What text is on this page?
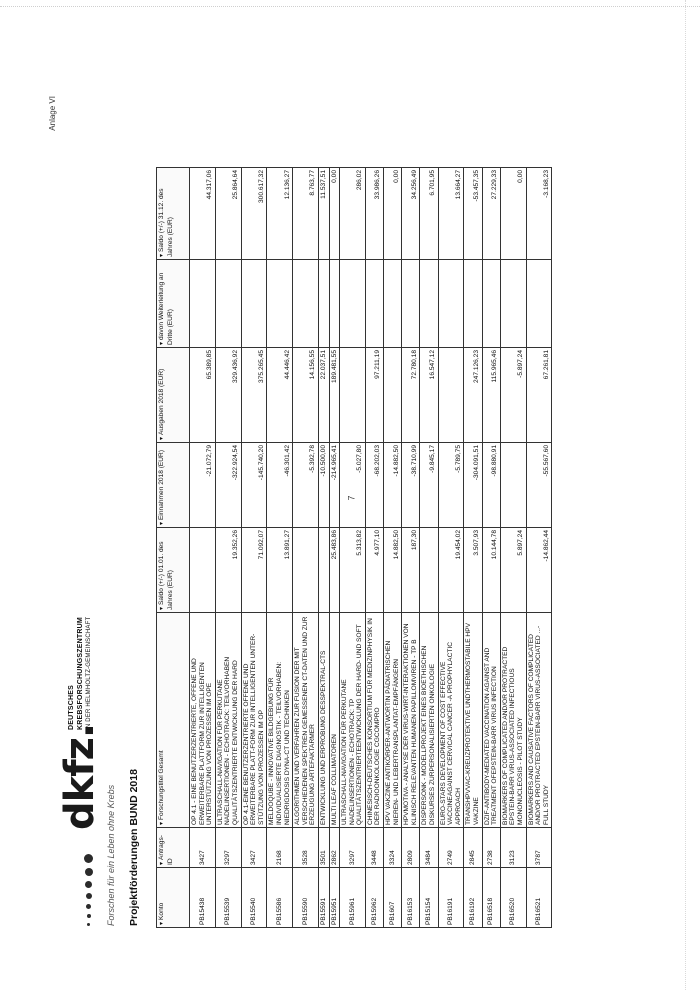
7
Anlage VI
dkfz.
DEUTSCHES KREBSFORSCHUNGSZENTRUM IN DER HELMHOLTZ-GEMEINSCHAFT
Forschen für ein Leben ohne Krebs Projektförderungen BUND 2018	▾Konto	▾Antrags-ID	▾Forschungstitel Gesamt	▾Saldo (+/-) 01.01. des Jahres (EUR)	▾Einnahmen 2018 (EUR)	▾Ausgaben 2018 (EUR)	▾davon Weiterleitung an Dritte (EUR)	▾Saldo (+/-) 31.12. des Jahres (EUR)
PB15438	3427	OP 4.1 - EINE BENUTZERZENTRIERTE, OFFENE UND ERWEITERBARE PLATTFORM ZUR INTELLIGENTEN UNTERSTÜTZUNG VON PROZESSEN IM OPE		-21.072,79	65.389,85		44.317,06
PB15539	3297	ULTRASCHALL-NAVIGATION FÜR PERKUTANE NADELINSERTIONEN - ECHOTRACK: TEILVORHABEN QUALITÄTSZENTRIERTE ENTWICKLUNG DER HARD	19.352,26	-322.924,54	329.436,92		25.864,64
PB15540	3427	OP 4.1-EINE BENUTZERZENTRIERTE OFFENE UND ERWEITERBARE PLATT-FORM ZUR INTELLIGENTEN UNTER-STÜTZUNG VON PROZESSEN IM OP	71.092,07	-145.740,20	375.265,45		300.617,32
PB15586	2168	MELDOQUBE - INNOVATIVE BILDGEBUNG FÜR INDIVIDUALISIERTE DIAGNOSTIK - TEILVORHABEN: NIEDRIGDOSIS DYNA-CT UND TECHNIKEN	13.891,27	-46.301,42	44.446,42		12.136,27
PB15590	3528	ALGORITHMEN UND VERFAHREN ZUR FUSION DER MIT VERSCHIEDENEN SPEKTREN GEMESSENEN CT-DATEN UND ZUR ERZEUGUNG ARTEFAKTARMER		-5.392,78	14.156,55		8.763,77
PB15591	3501	ENTWICKLUNG UND ERPROBUNG DESSPEKTRAL-CTS		-10.500,00	22.037,51		11.537,51
PB15951	2862	MULTI LEAF COLLIMATOREN	25.483,86	-214.965,41	189.481,55		0,00
PB15961	3297	ULTRASCHALL-NAVIGATION FÜR PERKUTANE NADELINSERTIONEN - ECHOTRACK: TP QUALITÄTSZENTRIERTEENTWICKLUNG DER HARD- UND SOFT	5.313,82	-5.027,80			286,02
PB15962	3448	CHINESISCH-DEUTSCHES KONSORTIUM FÜR MEDIZINPHYSIK IN DER RADIOONKOLOGIE CGCOMPRO	4.977,10	-68.202,03	97.211,19		33.986,26
PB1607	3324	HPV VAKZINE ANTIKÖRPER-ANTWORTIN PÄDIATRISCHEN NIEREN- UND LEBERTRANSPLANTAT-EMPFÄNGERN	14.882,50	-14.882,50			0,00
PB16153	2809	HPVMOTIVA - ANALYSE DER VIRUS-WIRT-INTERAKTIONEN VON KLINISCH RELEVANTEN HUMANEN PAPILLOMVIREN - TP B	187,30	-38.710,99	72.780,18		34.256,49
PB15154	3484	DISPERSONK - MODELLPROJEKT EINES BIOETHISCHEN DISKURSES ZURPERSONALISIERTEN ONKOLOGIE		-9.845,17	16.547,12		6.701,95
PB16191	2749	EURO-STARS DEVELOPMENT OF COST EFFECTIVE VACCINEAGAINST CERVICAL CANCER -A PROPHYLACTIC APPROACH	19.454,02	-5.789,75			13.664,27
PB16192	2845	TRANSHPVVAC-KREUZPROTEKTIVE UNDTHERMOSTABILE HPV VAKZINE	3.507,93	-304.091,51	247.126,23		-53.457,35
PB16518	2738	DZIF-ANTIBODY-MEDIATED VACCINATION AGAINST AND TREATMENT OFEPSTEIN-BARR VIRUS INFECTION	10.144,78	-98.880,91	115.965,46		27.229,33
PB16520	3123	BIOMARKERS OF COMPLICATED AND/OR PROTRACTED EPSTEIN-BARR VIRUS-ASSOCIATED INFECTIOUS MONONUCLEOSIS - PILOT STUDY	5.897,24		-5.897,24		0,00
PB16521	3787	BIOMARKERS AND CAUSATIVE FACTORS OF COMPLICATED AND/OR PROTRACTED EPSTEIN-BARR VIRUS-ASSOCIATED ...-FULL STUDY	-14.862,44	-55.567,60	67.261,81		-3.168,23
